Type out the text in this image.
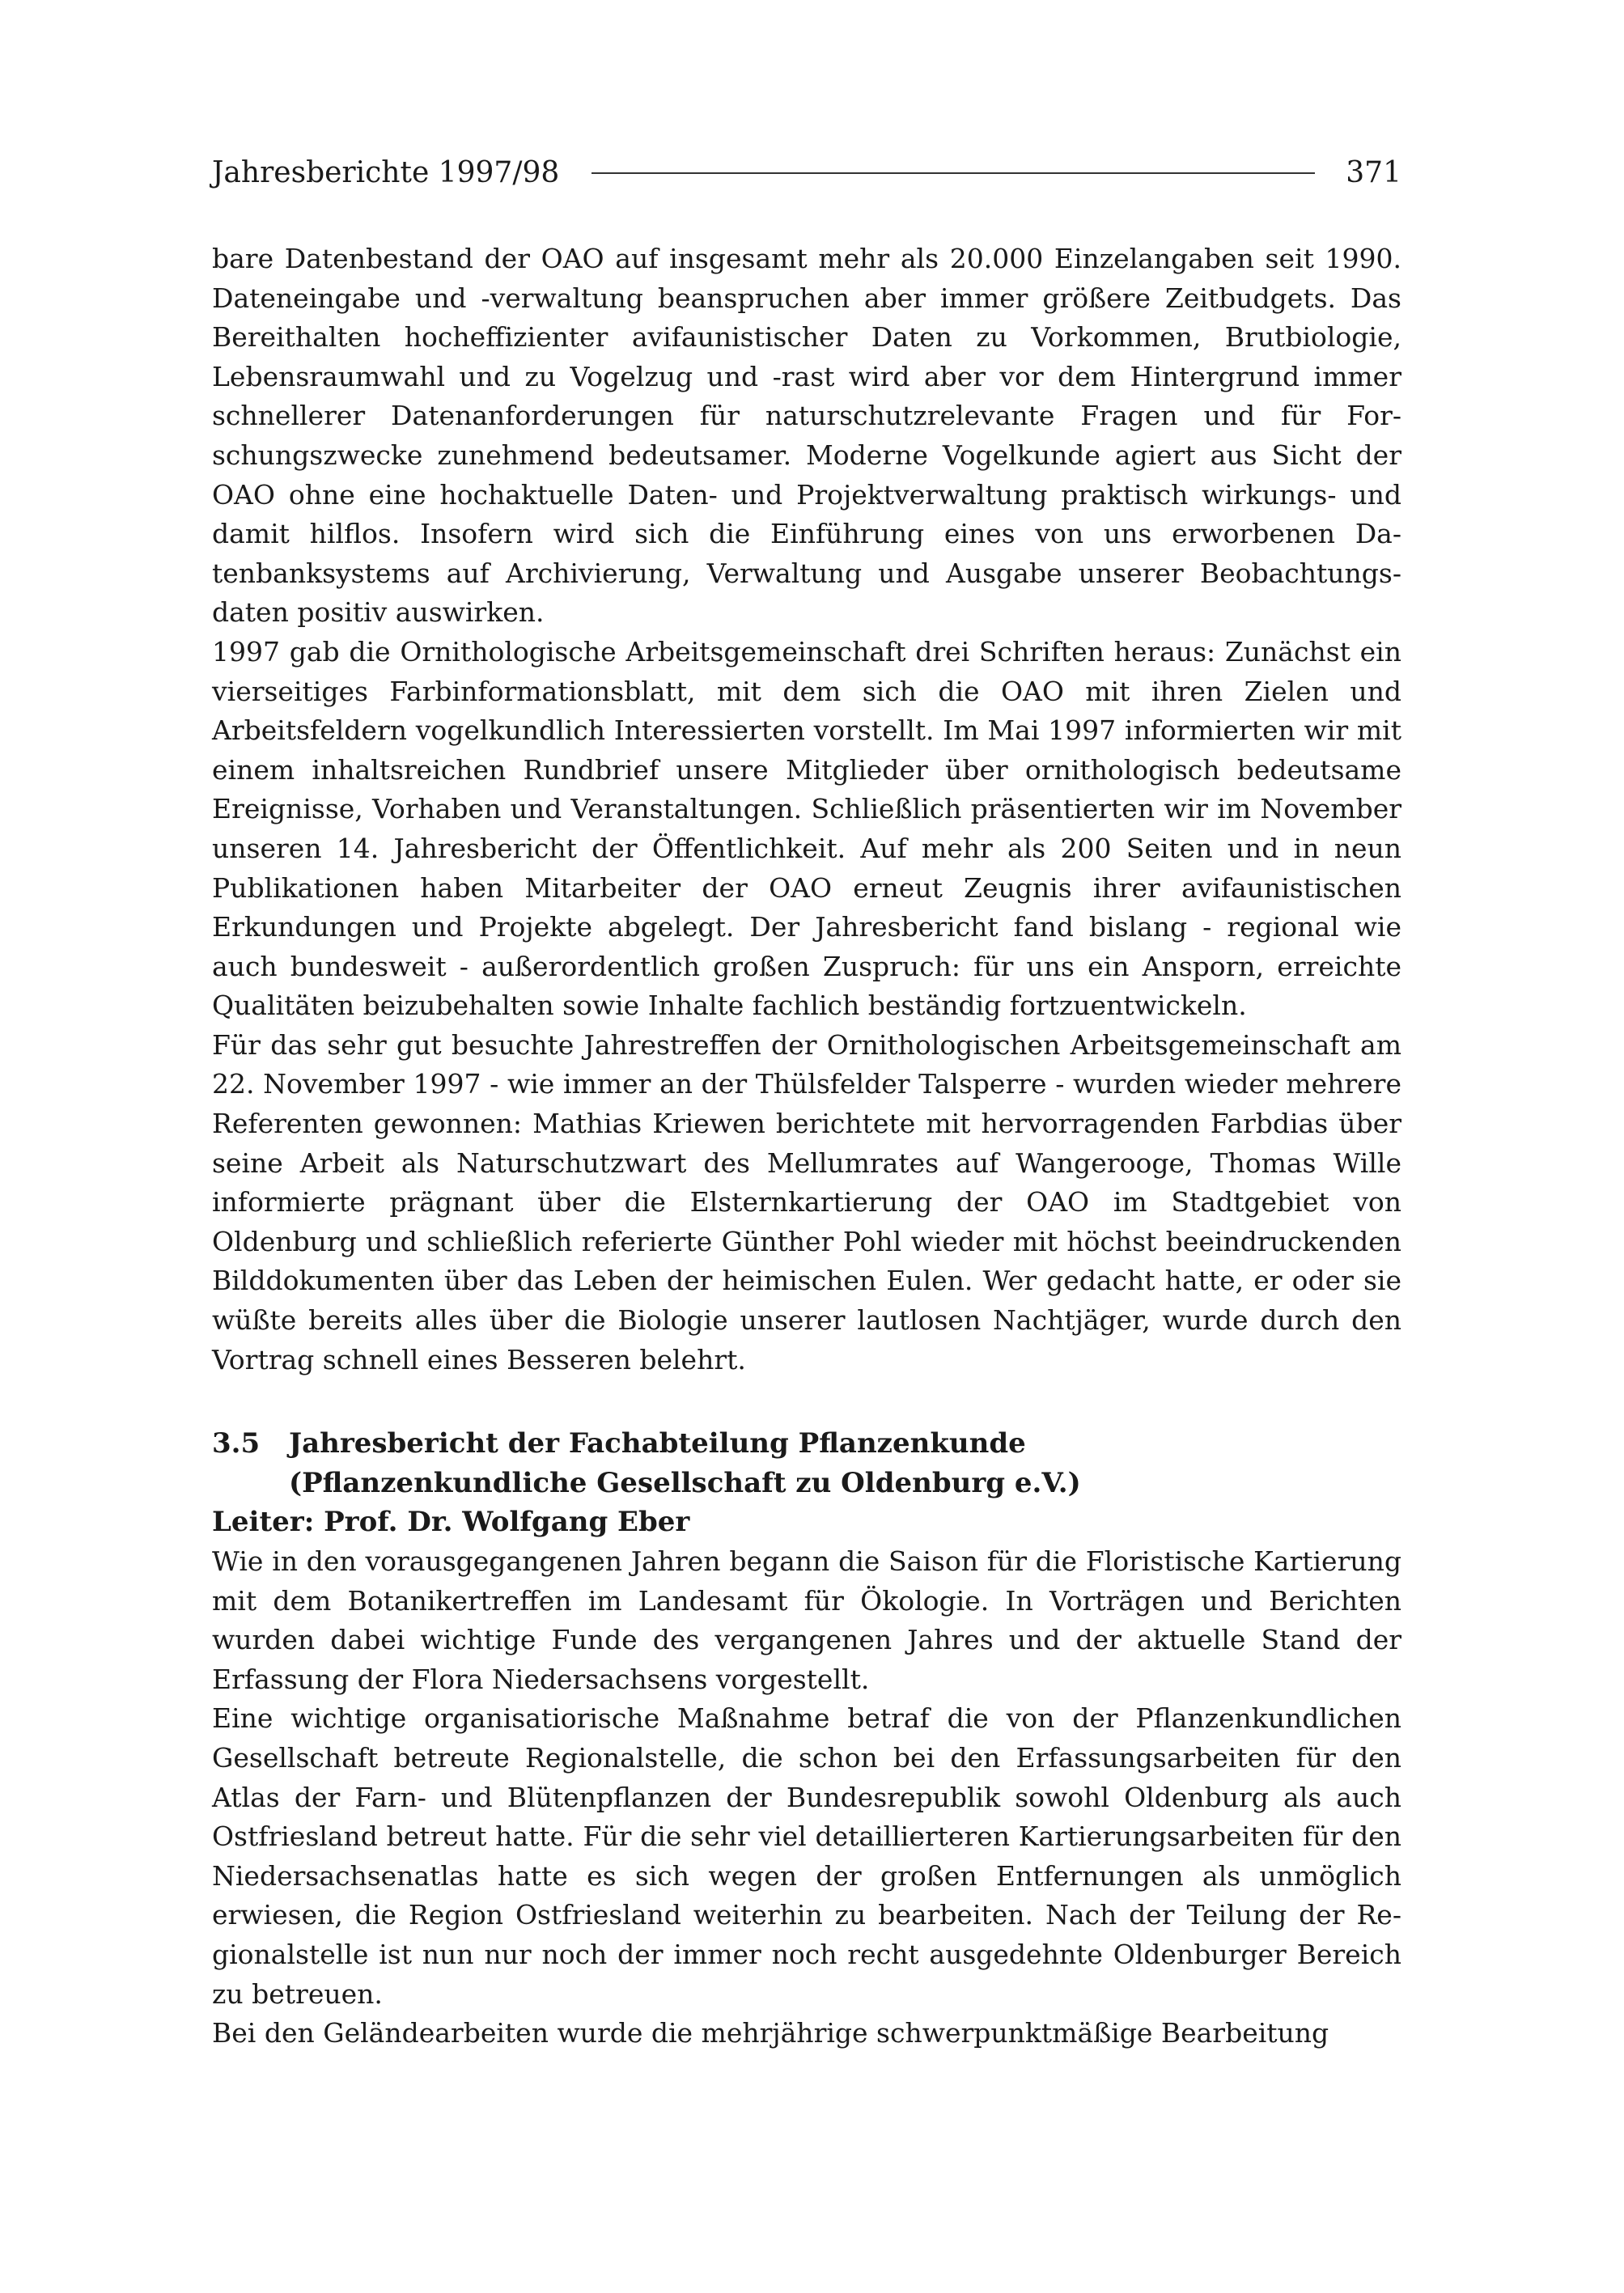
Jahresberichte 1997/98	371

bare Datenbestand der OAO auf insgesamt mehr als 20.000 Einzelangaben seit 1990. Dateneingabe und -verwaltung beanspruchen aber immer größere Zeitbudgets. Das Bereithalten hocheffizienter avifaunistischer Daten zu Vorkommen, Brutbiologie, Lebensraumwahl und zu Vogelzug und -rast wird aber vor dem Hintergrund immer schnellerer Datenanforderungen für naturschutzrelevante Fragen und für Forschungszwecke zunehmend bedeutsamer. Moderne Vogelkunde agiert aus Sicht der OAO ohne eine hochaktuelle Daten- und Projektverwaltung praktisch wirkungs- und damit hilflos. Insofern wird sich die Einführung eines von uns erworbenen Datenbanksystems auf Archivierung, Verwaltung und Ausgabe unserer Beobachtungsdaten positiv auswirken.

1997 gab die Ornithologische Arbeitsgemeinschaft drei Schriften heraus: Zunächst ein vierseitiges Farbinformationsblatt, mit dem sich die OAO mit ihren Zielen und Arbeitsfeldern vogelkundlich Interessierten vorstellt. Im Mai 1997 informierten wir mit einem inhaltsreichen Rundbrief unsere Mitglieder über ornithologisch bedeutsame Ereignisse, Vorhaben und Veranstaltungen. Schließlich präsentierten wir im November unseren 14. Jahresbericht der Öffentlichkeit. Auf mehr als 200 Seiten und in neun Publikationen haben Mitarbeiter der OAO erneut Zeugnis ihrer avifaunistischen Erkundungen und Projekte abgelegt. Der Jahresbericht fand bislang - regional wie auch bundesweit - außerordentlich großen Zuspruch: für uns ein Ansporn, erreichte Qualitäten beizubehalten sowie Inhalte fachlich beständig fortzuentwickeln.

Für das sehr gut besuchte Jahrestreffen der Ornithologischen Arbeitsgemeinschaft am 22. November 1997 - wie immer an der Thülsfelder Talsperre - wurden wieder mehrere Referenten gewonnen: Mathias Kriewen berichtete mit hervorragenden Farbdias über seine Arbeit als Naturschutzwart des Mellumrates auf Wangerooge, Thomas Wille informierte prägnant über die Elsternkartierung der OAO im Stadtgebiet von Oldenburg und schließlich referierte Günther Pohl wieder mit höchst beeindruckenden Bilddokumenten über das Leben der heimischen Eulen. Wer gedacht hatte, er oder sie wüßte bereits alles über die Biologie unserer lautlosen Nachtjäger, wurde durch den Vortrag schnell eines Besseren belehrt.

3.5 Jahresbericht der Fachabteilung Pflanzenkunde
(Pflanzenkundliche Gesellschaft zu Oldenburg e.V.)

Leiter: Prof. Dr. Wolfgang Eber

Wie in den vorausgegangenen Jahren begann die Saison für die Floristische Kartierung mit dem Botanikertreffen im Landesamt für Ökologie. In Vorträgen und Berichten wurden dabei wichtige Funde des vergangenen Jahres und der aktuelle Stand der Erfassung der Flora Niedersachsens vorgestellt.

Eine wichtige organisatiorische Maßnahme betraf die von der Pflanzenkundlichen Gesellschaft betreute Regionalstelle, die schon bei den Erfassungsarbeiten für den Atlas der Farn- und Blütenpflanzen der Bundesrepublik sowohl Oldenburg als auch Ostfriesland betreut hatte. Für die sehr viel detaillierteren Kartierungsarbeiten für den Niedersachsenatlas hatte es sich wegen der großen Entfernungen als unmöglich erwiesen, die Region Ostfriesland weiterhin zu bearbeiten. Nach der Teilung der Regionalstelle ist nun nur noch der immer noch recht ausgedehnte Oldenburger Bereich zu betreuen.

Bei den Geländearbeiten wurde die mehrjährige schwerpunktmäßige Bearbeitung
